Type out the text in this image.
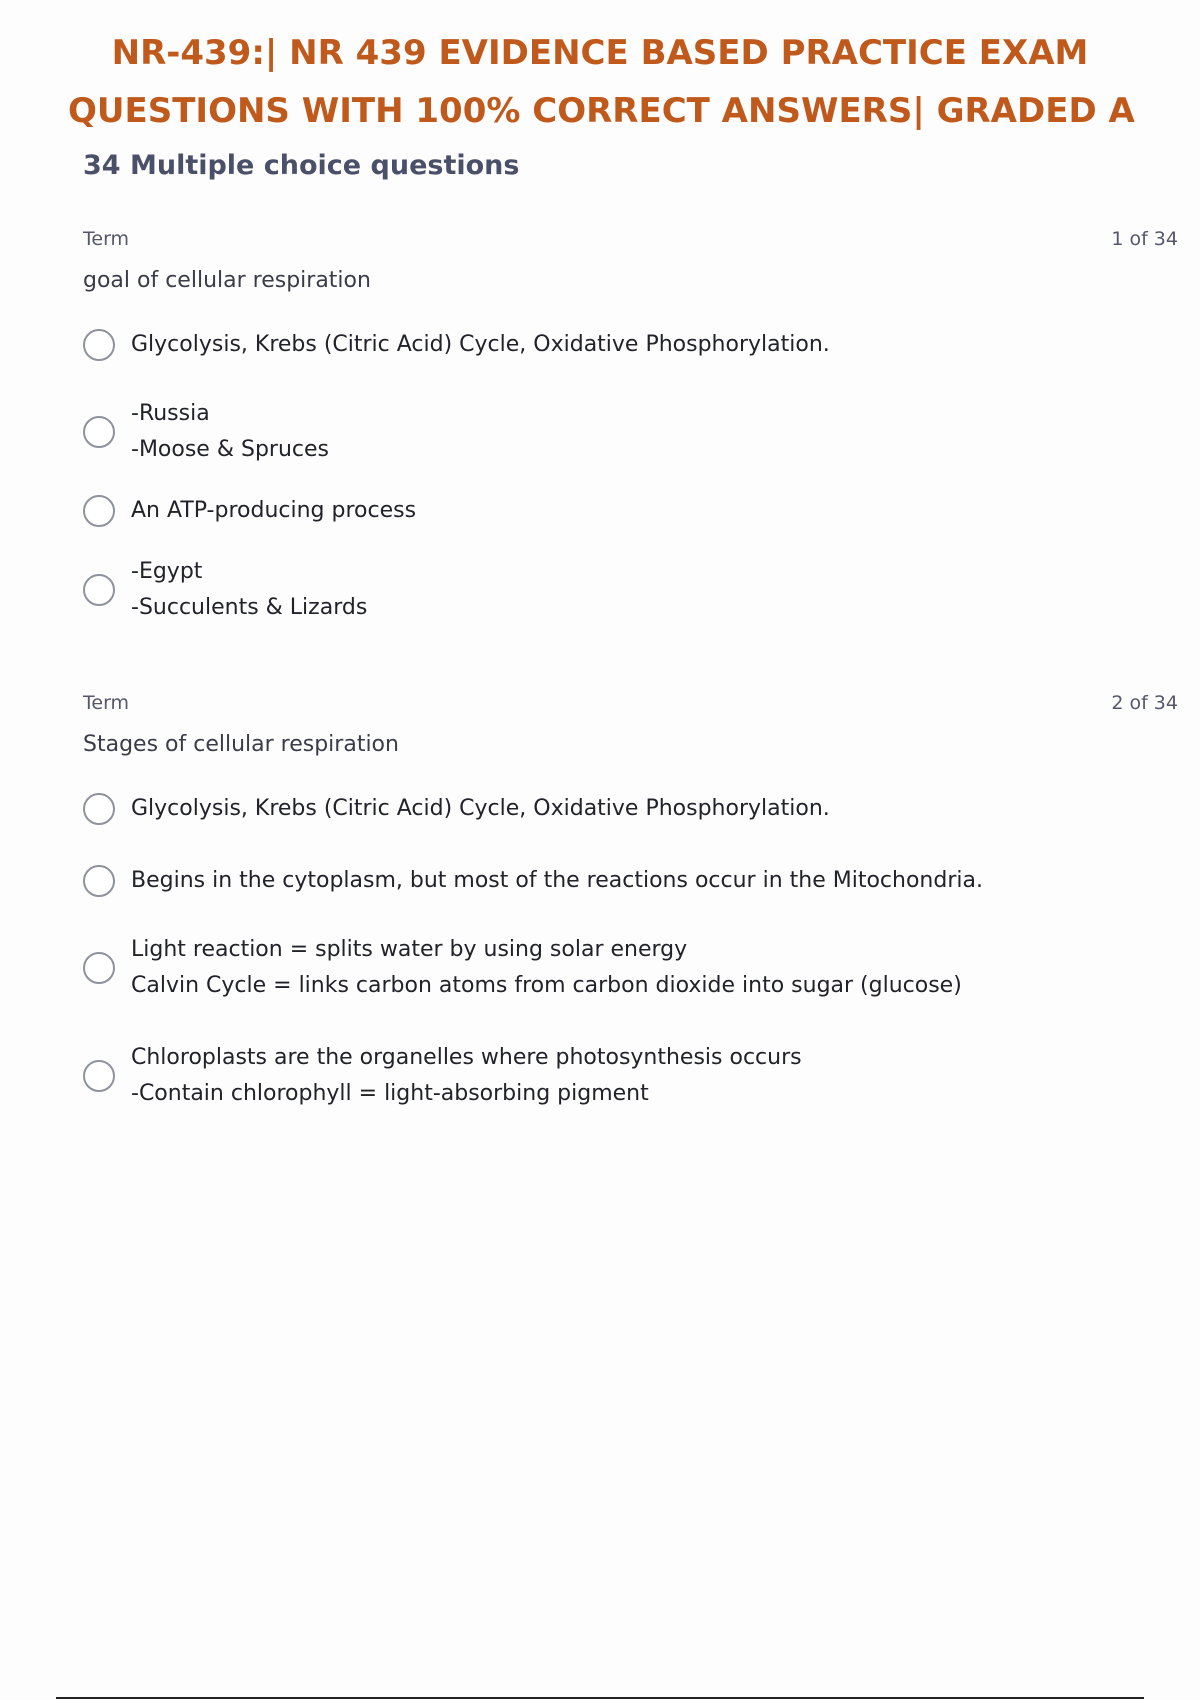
NR-439:| NR 439 EVIDENCE BASED PRACTICE EXAM
QUESTIONS WITH 100% CORRECT ANSWERS| GRADED A
34 Multiple choice questions
Term	1 of 34
goal of cellular respiration
Glycolysis, Krebs (Citric Acid) Cycle, Oxidative Phosphorylation.
-Russia
-Moose & Spruces
An ATP-producing process
-Egypt
-Succulents & Lizards
Term	2 of 34
Stages of cellular respiration
Glycolysis, Krebs (Citric Acid) Cycle, Oxidative Phosphorylation.
Begins in the cytoplasm, but most of the reactions occur in the Mitochondria.
Light reaction = splits water by using solar energy
Calvin Cycle = links carbon atoms from carbon dioxide into sugar (glucose)
Chloroplasts are the organelles where photosynthesis occurs
-Contain chlorophyll = light-absorbing pigment
